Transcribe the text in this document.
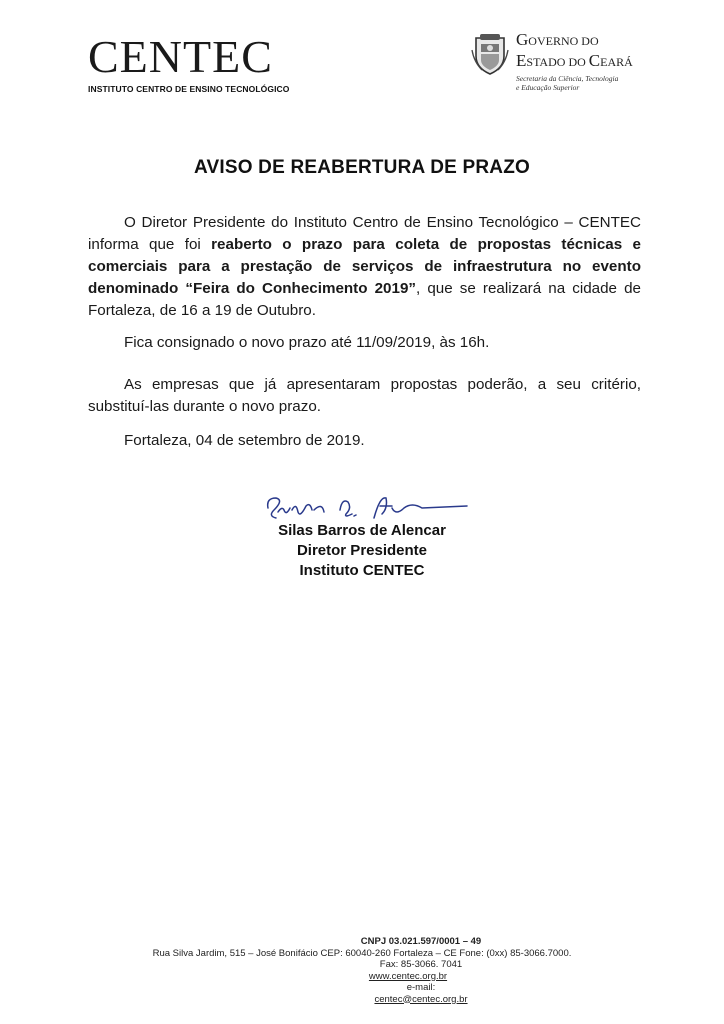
CENTEC
INSTITUTO CENTRO DE ENSINO TECNOLÓGICO
GOVERNO DO
ESTADO DO CEARÁ
Secretaria da Ciência, Tecnologia
e Educação Superior
AVISO DE REABERTURA DE PRAZO

O Diretor Presidente do Instituto Centro de Ensino Tecnológico – CENTEC informa que foi reaberto o prazo para coleta de propostas técnicas e comerciais para a prestação de serviços de infraestrutura no evento denominado “Feira do Conhecimento 2019”, que se realizará na cidade de Fortaleza, de 16 a 19 de Outubro.

Fica consignado o novo prazo até 11/09/2019, às 16h.

As empresas que já apresentaram propostas poderão, a seu critério, substituí-las durante o novo prazo.

Fortaleza, 04 de setembro de 2019.

Silas Barros de Alencar
Diretor Presidente
Instituto CENTEC
CNPJ 03.021.597/0001 – 49
Rua Silva Jardim, 515 – José Bonifácio CEP: 60040-260 Fortaleza – CE Fone: (0xx) 85-3066.7000.
Fax: 85-3066. 7041
www.centec.org.br
e-mail:
centec@centec.org.br
